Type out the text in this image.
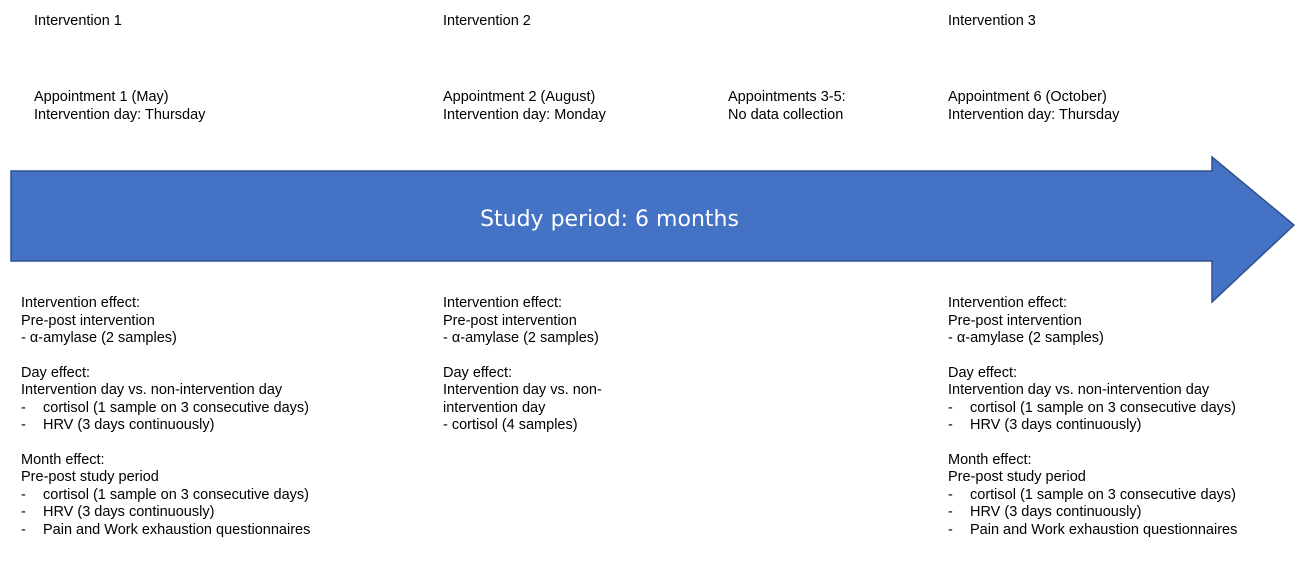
Intervention 1	Intervention 2	Intervention 3
Appointment 1 (May)
Intervention day: Thursday
Appointment 2 (August)
Intervention day: Monday
Appointments 3-5:
No data collection
Appointment 6 (October)
Intervention day: Thursday
Study period: 6 months
Intervention effect:
Pre-post intervention
- α-amylase (2 samples)
Day effect:
Intervention day vs. non-intervention day
- cortisol (1 sample on 3 consecutive days)
- HRV (3 days continuously)
Month effect:
Pre-post study period
- cortisol (1 sample on 3 consecutive days)
- HRV (3 days continuously)
- Pain and Work exhaustion questionnaires
Intervention effect:
Pre-post intervention
- α-amylase (2 samples)
Day effect:
Intervention day vs. non-
intervention day
- cortisol (4 samples)
Intervention effect:
Pre-post intervention
- α-amylase (2 samples)
Day effect:
Intervention day vs. non-intervention day
- cortisol (1 sample on 3 consecutive days)
- HRV (3 days continuously)
Month effect:
Pre-post study period
- cortisol (1 sample on 3 consecutive days)
- HRV (3 days continuously)
- Pain and Work exhaustion questionnaires
